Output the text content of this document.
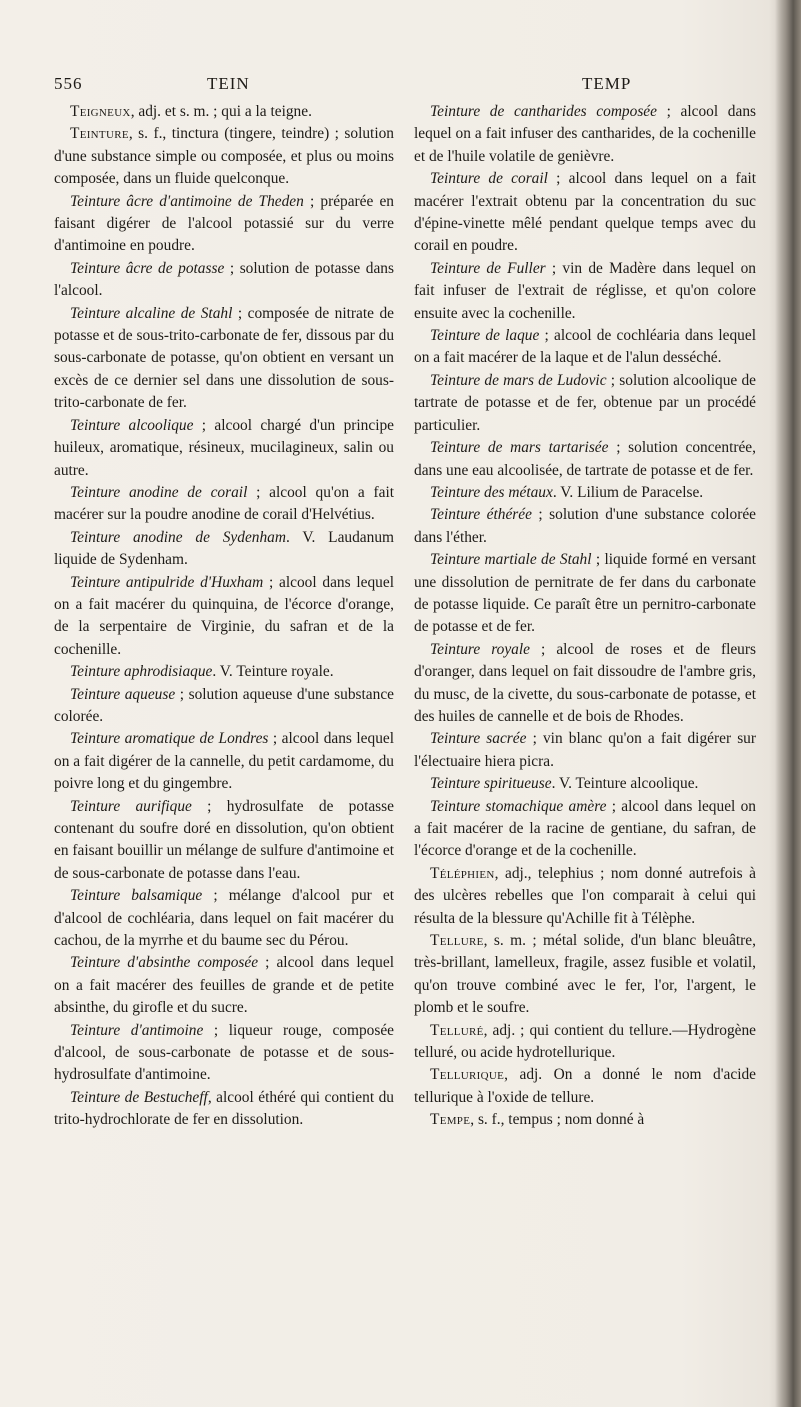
556	TEIN	TEMP

Teigneux, adj. et s. m. ; qui a la teigne.

Teinture, s. f., tinctura (tingere, teindre) ; solution d'une substance simple ou composée, et plus ou moins composée, dans un fluide quelconque.

Teinture âcre d'antimoine de Theden ; préparée en faisant digérer de l'alcool potassié sur du verre d'antimoine en poudre.

Teinture âcre de potasse ; solution de potasse dans l'alcool.

Teinture alcaline de Stahl ; composée de nitrate de potasse et de sous-trito-carbonate de fer, dissous par du sous-carbonate de potasse, qu'on obtient en versant un excès de ce dernier sel dans une dissolution de sous-trito-carbonate de fer.

Teinture alcoolique ; alcool chargé d'un principe huileux, aromatique, résineux, mucilagineux, salin ou autre.

Teinture anodine de corail ; alcool qu'on a fait macérer sur la poudre anodine de corail d'Helvétius.

Teinture anodine de Sydenham. V. Laudanum liquide de Sydenham.

Teinture antipulride d'Huxham ; alcool dans lequel on a fait macérer du quinquina, de l'écorce d'orange, de la serpentaire de Virginie, du safran et de la cochenille.

Teinture aphrodisiaque. V. Teinture royale.

Teinture aqueuse ; solution aqueuse d'une substance colorée.

Teinture aromatique de Londres ; alcool dans lequel on a fait digérer de la cannelle, du petit cardamome, du poivre long et du gingembre.

Teinture aurifique ; hydrosulfate de potasse contenant du soufre doré en dissolution, qu'on obtient en faisant bouillir un mélange de sulfure d'antimoine et de sous-carbonate de potasse dans l'eau.

Teinture balsamique ; mélange d'alcool pur et d'alcool de cochléaria, dans lequel on fait macérer du cachou, de la myrrhe et du baume sec du Pérou.

Teinture d'absinthe composée ; alcool dans lequel on a fait macérer des feuilles de grande et de petite absinthe, du girofle et du sucre.

Teinture d'antimoine ; liqueur rouge, composée d'alcool, de sous-carbonate de potasse et de sous-hydrosulfate d'antimoine.

Teinture de Bestucheff, alcool éthéré qui contient du trito-hydrochlorate de fer en dissolution.

Teinture de cantharides composée ; alcool dans lequel on a fait infuser des cantharides, de la cochenille et de l'huile volatile de genièvre.

Teinture de corail ; alcool dans lequel on a fait macérer l'extrait obtenu par la concentration du suc d'épine-vinette mêlé pendant quelque temps avec du corail en poudre.

Teinture de Fuller ; vin de Madère dans lequel on fait infuser de l'extrait de réglisse, et qu'on colore ensuite avec la cochenille.

Teinture de laque ; alcool de cochléaria dans lequel on a fait macérer de la laque et de l'alun desséché.

Teinture de mars de Ludovic ; solution alcoolique de tartrate de potasse et de fer, obtenue par un procédé particulier.

Teinture de mars tartarisée ; solution concentrée, dans une eau alcoolisée, de tartrate de potasse et de fer.

Teinture des métaux. V. Lilium de Paracelse.

Teinture éthérée ; solution d'une substance colorée dans l'éther.

Teinture martiale de Stahl ; liquide formé en versant une dissolution de pernitrate de fer dans du carbonate de potasse liquide. Ce paraît être un pernitro-carbonate de potasse et de fer.

Teinture royale ; alcool de roses et de fleurs d'oranger, dans lequel on fait dissoudre de l'ambre gris, du musc, de la civette, du sous-carbonate de potasse, et des huiles de cannelle et de bois de Rhodes.

Teinture sacrée ; vin blanc qu'on a fait digérer sur l'électuaire hiera picra.

Teinture spiritueuse. V. Teinture alcoolique.

Teinture stomachique amère ; alcool dans lequel on a fait macérer de la racine de gentiane, du safran, de l'écorce d'orange et de la cochenille.

Téléphien, adj., telephius ; nom donné autrefois à des ulcères rebelles que l'on comparait à celui qui résulta de la blessure qu'Achille fit à Télèphe.

Tellure, s. m. ; métal solide, d'un blanc bleuâtre, très-brillant, lamelleux, fragile, assez fusible et volatil, qu'on trouve combiné avec le fer, l'or, l'argent, le plomb et le soufre.

Telluré, adj. ; qui contient du tellure.—Hydrogène telluré, ou acide hydrotellurique.

Tellurique, adj. On a donné le nom d'acide tellurique à l'oxide de tellure.

Tempe, s. f., tempus ; nom donné à
